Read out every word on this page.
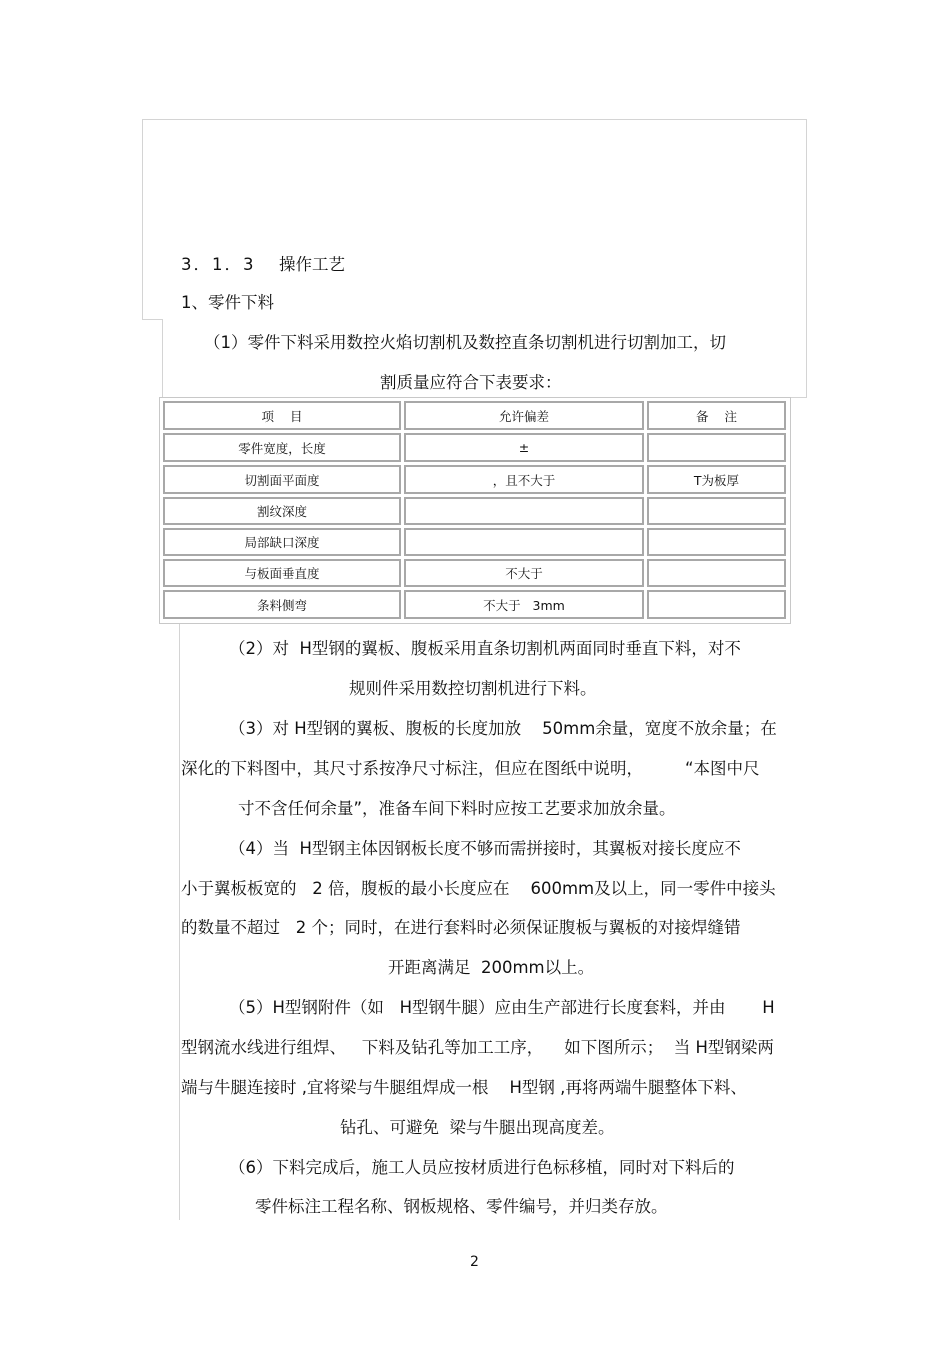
3．1．3 操作工艺
1、零件下料
（1）零件下料采用数控火焰切割机及数控直条切割机进行切割加工，切
割质量应符合下表要求：
项    目	允许偏差	备    注
零件宽度，长度	±
切割面平面度	，且不大于	T为板厚
割纹深度
局部缺口深度
与板面垂直度	不大于
条料侧弯	不大于   3mm
（2）对  H型钢的翼板、腹板采用直条切割机两面同时垂直下料，对不
规则件采用数控切割机进行下料。
（3）对 H型钢的翼板、腹板的长度加放    50mm余量，宽度不放余量；在
深化的下料图中，其尺寸系按净尺寸标注，但应在图纸中说明，        “本图中尺
寸不含任何余量”，准备车间下料时应按工艺要求加放余量。
（4）当  H型钢主体因钢板长度不够而需拼接时，其翼板对接长度应不
小于翼板板宽的   2 倍，腹板的最小长度应在    600mm及以上，同一零件中接头
的数量不超过   2 个；同时，在进行套料时必须保证腹板与翼板的对接焊缝错
开距离满足  200mm以上。
（5）H型钢附件（如   H型钢牛腿）应由生产部进行长度套料，并由       H
型钢流水线进行组焊、   下料及钻孔等加工工序，    如下图所示；  当 H型钢梁两
端与牛腿连接时 ,宜将梁与牛腿组焊成一根    H型钢 ,再将两端牛腿整体下料、
钻孔、可避免  梁与牛腿出现高度差。
（6）下料完成后，施工人员应按材质进行色标移植，同时对下料后的
零件标注工程名称、钢板规格、零件编号，并归类存放。
2
